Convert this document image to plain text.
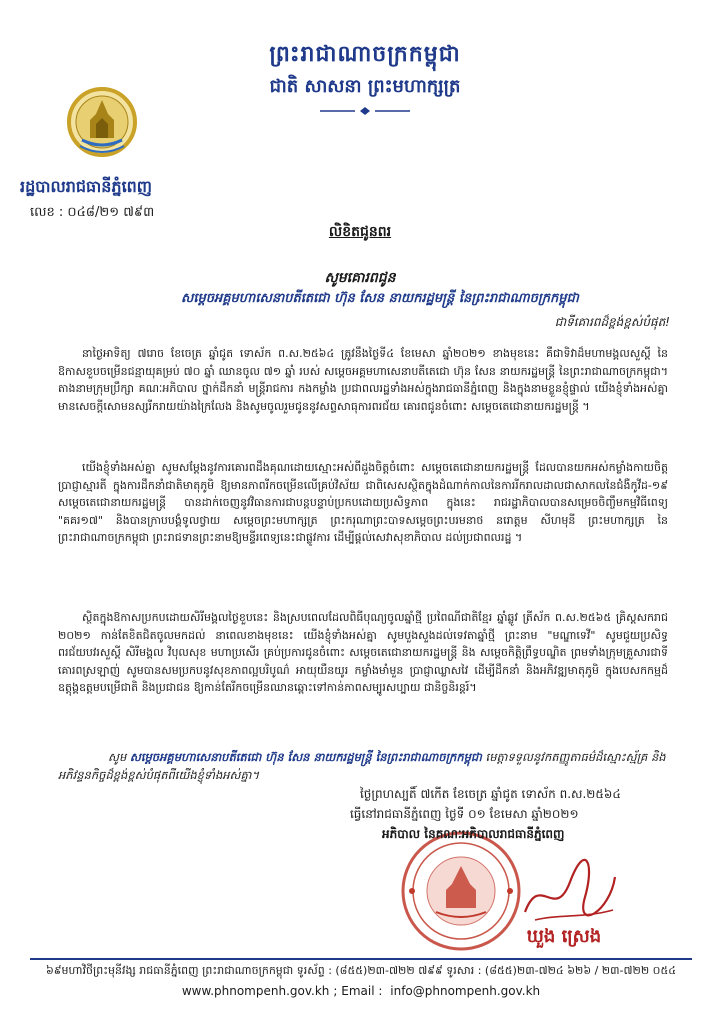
ព្រះរាជាណាចក្រកម្ពុជា
ជាតិ សាសនា ព្រះមហាក្សត្រ
រដ្ឋបាលរាជធានីភ្នំពេញ
លេខ : ០៤៨/២១ ៧៩៣
លិខិតជូនពរ
សូមគោរពជូន
សម្តេចអគ្គមហាសេនាបតីតេជោ ហ៊ុន សែន នាយករដ្ឋមន្ត្រី នៃព្រះរាជាណាចក្រកម្ពុជា
ជាទីគោរពដ៏ខ្ពង់ខ្ពស់បំផុត!

នាថ្ងៃអាទិត្យ ៧រោច ខែចេត្រ ឆ្នាំជូត ទោស័ក ព.ស.២៥៦៤ ត្រូវនឹងថ្ងៃទី៤ ខែមេសា ឆ្នាំ២០២១ ខាងមុខនេះ គឺជាទិវាដ៏មហាមង្គលសួស្តី នៃឱកាសខួបចម្រើនជន្មាយុគម្រប់ ៧០ ឆ្នាំ ឈានចូល ៧១ ឆ្នាំ របស់ សម្តេចអគ្គមហាសេនាបតីតេជោ ហ៊ុន សែន នាយករដ្ឋមន្ត្រី នៃព្រះរាជាណាចក្រកម្ពុជា។ តាងនាមក្រុមប្រឹក្សា គណៈអភិបាល ថ្នាក់ដឹកនាំ មន្ត្រីរាជការ កងកម្លាំង ប្រជាពលរដ្ឋទាំងអស់ក្នុងរាជធានីភ្នំពេញ និងក្នុងនាមខ្លួនខ្ញុំផ្ទាល់ យើងខ្ញុំទាំងអស់គ្នា មានសេចក្តីសោមនស្សរីករាយយ៉ាងក្រៃលែង និងសូមចូលរួមជូននូវសព្ទសាធុការពរជ័យ គោរពជូនចំពោះ សម្តេចតេជោនាយករដ្ឋមន្ត្រី ។

យើងខ្ញុំទាំងអស់គ្នា សូមសម្តែងនូវការគោរពដឹងគុណដោយស្មោះអស់ពីដួងចិត្តចំពោះ សម្តេចតេជោនាយករដ្ឋមន្ត្រី ដែលបានយកអស់កម្លាំងកាយចិត្ត ប្រាជ្ញាស្មារតី ក្នុងការដឹកនាំជាតិមាតុភូមិ ឱ្យមានភាពរីកចម្រើនលើគ្រប់វិស័យ ជាពិសេសស្ថិតក្នុងដំណាក់កាលនៃការរីករាលដាលជាសាកលនៃជំងឺកូវីដ-១៩ សម្តេចតេជោនាយករដ្ឋមន្ត្រី បានដាក់ចេញនូវវិធានការជាបន្តបន្ទាប់ប្រកបដោយប្រសិទ្ធភាព ក្នុងនេះ រាជរដ្ឋាភិបាលបានសម្រេចចិញ្ចឹមកម្មវិធីពេទ្យ "គគរ១៧" និងបានក្រាបបង្គំទូលថ្វាយ សម្តេចព្រះមហាក្សត្រ ព្រះករុណាព្រះបាទសម្តេចព្រះបរមនាថ នរោត្តម សីហមុនី ព្រះមហាក្សត្រ នៃព្រះរាជាណាចក្រកម្ពុជា ព្រះរាជទានព្រះនាមឱ្យមន្ទីរពេទ្យនេះជាផ្លូវការ ដើម្បីផ្តល់សេវាសុខាភិបាល ដល់ប្រជាពលរដ្ឋ ។

ស្ថិតក្នុងឱកាសប្រកបដោយសិរីមង្គលថ្ងៃខួបនេះ និងស្របពេលដែលពិធីបុណ្យចូលឆ្នាំថ្មី ប្រពៃណីជាតិខ្មែរ ឆ្នាំឆ្លូវ ត្រីស័ក ព.ស.២៥៦៥ គ្រិស្តសករាជ ២០២១ កាន់តែខិតជិតចូលមកដល់ នាពេលខាងមុខនេះ យើងខ្ញុំទាំងអស់គ្នា សូមបួងសួងដល់ទេវតាឆ្នាំថ្មី ព្រះនាម "មណ្ឌាទេវី" សូមជួយប្រសិទ្ធពរជ័យបវរសួស្តី សិរីមង្គល វិបុលសុខ មហាប្រសើរ គ្រប់ប្រការជូនចំពោះ សម្តេចតេជោនាយករដ្ឋមន្ត្រី និង សម្តេចកិត្តិព្រឹទ្ធបណ្ឌិត ព្រមទាំងក្រុមគ្រួសារជាទីគោរពស្រឡាញ់ សូមបានសមប្រកបនូវសុខភាពល្អបរិបូណ៌ អាយុយឺនយូរ កម្លាំងមាំមួន ប្រាជ្ញាឈ្លាសវៃ ដើម្បីដឹកនាំ និងអភិវឌ្ឍមាតុភូមិ ក្នុងបេសកកម្មដ៏ឧត្តុង្គឧត្តមបម្រើជាតិ និងប្រជាជន ឱ្យកាន់តែរីកចម្រើនឈានឆ្ពោះទៅកាន់ភាពសម្បូរសប្បាយ ជានិច្ចនិរន្តរ៍។

សូម សម្តេចអគ្គមហាសេនាបតីតេជោ ហ៊ុន សែន នាយករដ្ឋមន្ត្រី នៃព្រះរាជាណាចក្រកម្ពុជា មេត្តាទទួលនូវកតញ្ញូតាធម៌ដ៏ស្មោះស្ម័គ្រ និងអភិវន្ទនកិច្ចដ៏ខ្ពង់ខ្ពស់បំផុតពីយើងខ្ញុំទាំងអស់គ្នា។
ថ្ងៃព្រហស្បតិ៍ ៧កើត ខែចេត្រ ឆ្នាំជូត ទោស័ក ព.ស.២៥៦៤
ធ្វើនៅរាជធានីភ្នំពេញ ថ្ងៃទី ០១ ខែមេសា ឆ្នាំ២០២១
អភិបាល នៃគណៈអភិបាលរាជធានីភ្នំពេញ
ឃួង ស្រេង
៦៩មហាវិថីព្រះមុនីវង្ស រាជធានីភ្នំពេញ ព្រះរាជាណាចក្រកម្ពុជា ទូរស័ព្ទ : (៨៥៥)២៣-៧២២ ៧៩៩ ទូរសារ : (៨៥៥)២៣-៧២៤ ៦២៦ / ២៣-៧២២ ០៥៤
www.phnompenh.gov.kh ; Email : info@phnompenh.gov.kh
